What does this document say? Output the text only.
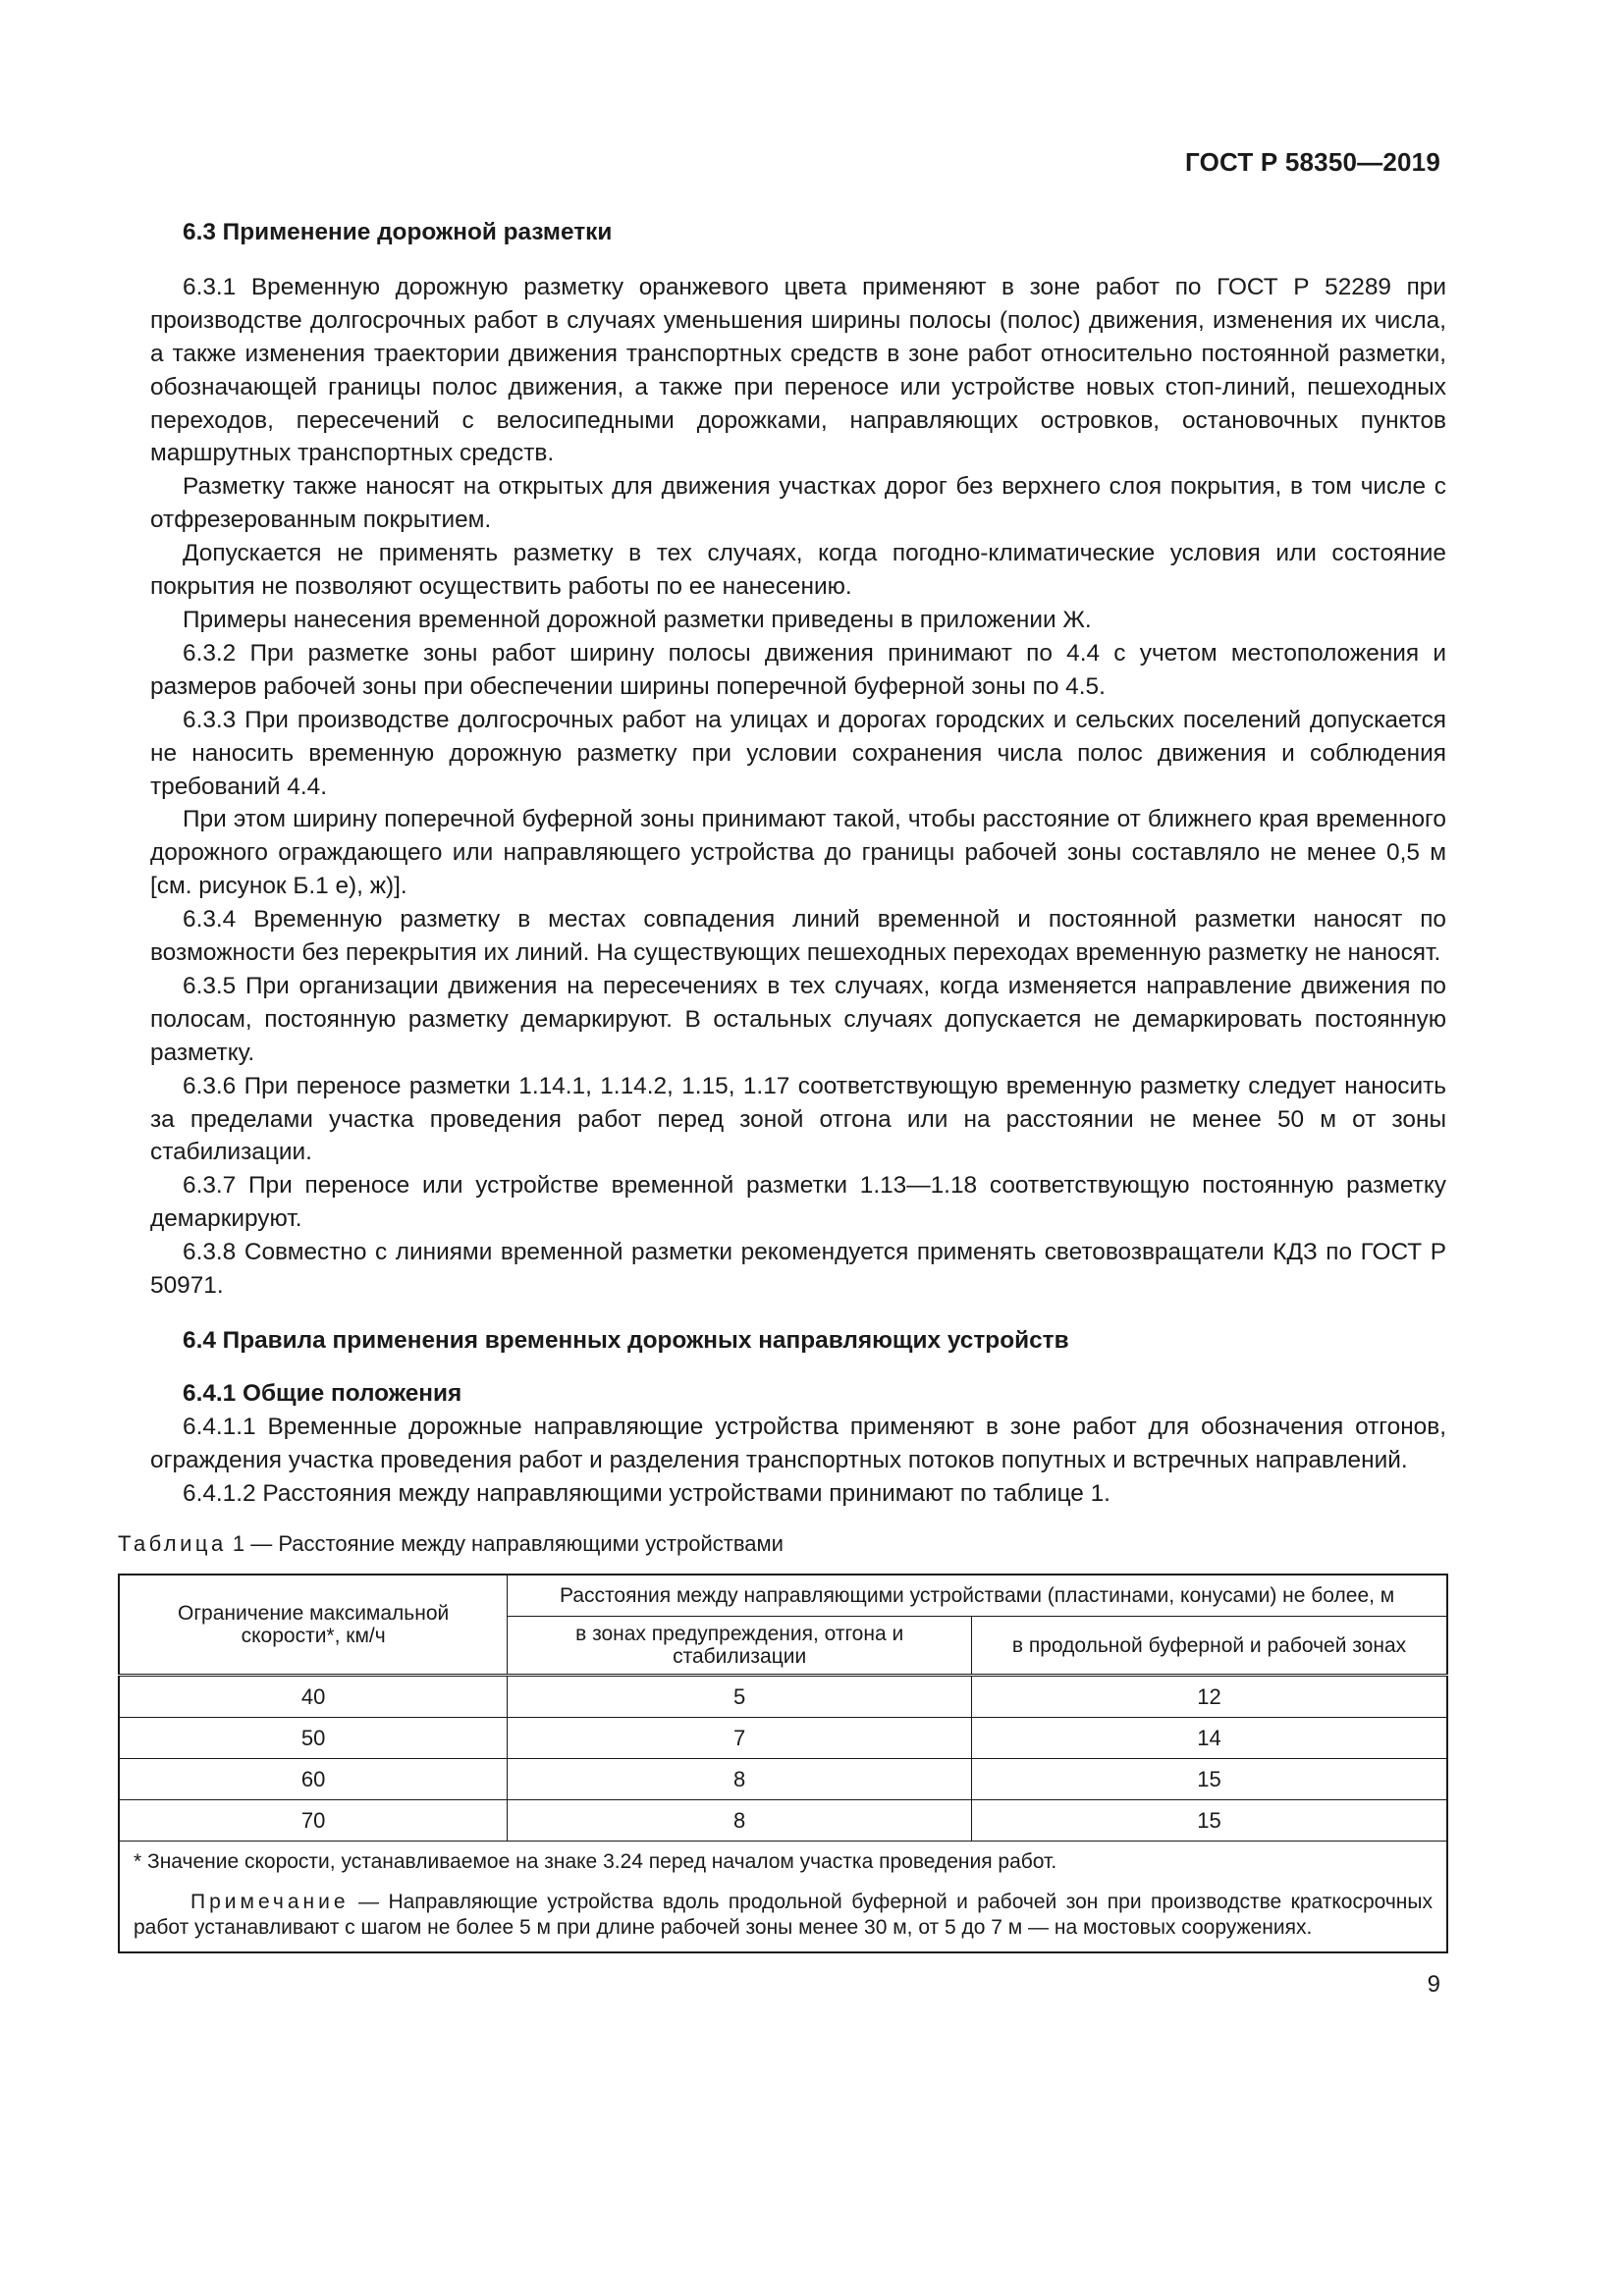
ГОСТ Р 58350—2019

6.3 Применение дорожной разметки

6.3.1 Временную дорожную разметку оранжевого цвета применяют в зоне работ по ГОСТ Р 52289 при производстве долгосрочных работ в случаях уменьшения ширины полосы (полос) движения, изменения их числа, а также изменения траектории движения транспортных средств в зоне работ относительно постоянной разметки, обозначающей границы полос движения, а также при переносе или устройстве новых стоп-линий, пешеходных переходов, пересечений с велосипедными дорожками, направляющих островков, остановочных пунктов маршрутных транспортных средств.

Разметку также наносят на открытых для движения участках дорог без верхнего слоя покрытия, в том числе с отфрезерованным покрытием.

Допускается не применять разметку в тех случаях, когда погодно-климатические условия или состояние покрытия не позволяют осуществить работы по ее нанесению.

Примеры нанесения временной дорожной разметки приведены в приложении Ж.

6.3.2 При разметке зоны работ ширину полосы движения принимают по 4.4 с учетом местоположения и размеров рабочей зоны при обеспечении ширины поперечной буферной зоны по 4.5.

6.3.3 При производстве долгосрочных работ на улицах и дорогах городских и сельских поселений допускается не наносить временную дорожную разметку при условии сохранения числа полос движения и соблюдения требований 4.4.

При этом ширину поперечной буферной зоны принимают такой, чтобы расстояние от ближнего края временного дорожного ограждающего или направляющего устройства до границы рабочей зоны составляло не менее 0,5 м [см. рисунок Б.1 е), ж)].

6.3.4 Временную разметку в местах совпадения линий временной и постоянной разметки наносят по возможности без перекрытия их линий. На существующих пешеходных переходах временную разметку не наносят.

6.3.5 При организации движения на пересечениях в тех случаях, когда изменяется направление движения по полосам, постоянную разметку демаркируют. В остальных случаях допускается не демаркировать постоянную разметку.

6.3.6 При переносе разметки 1.14.1, 1.14.2, 1.15, 1.17 соответствующую временную разметку следует наносить за пределами участка проведения работ перед зоной отгона или на расстоянии не менее 50 м от зоны стабилизации.

6.3.7 При переносе или устройстве временной разметки 1.13—1.18 соответствующую постоянную разметку демаркируют.

6.3.8 Совместно с линиями временной разметки рекомендуется применять световозвращатели КДЗ по ГОСТ Р 50971.

6.4 Правила применения временных дорожных направляющих устройств

6.4.1 Общие положения

6.4.1.1 Временные дорожные направляющие устройства применяют в зоне работ для обозначения отгонов, ограждения участка проведения работ и разделения транспортных потоков попутных и встречных направлений.

6.4.1.2 Расстояния между направляющими устройствами принимают по таблице 1.

Таблица 1 — Расстояние между направляющими устройствами
Ограничение максимальной скорости*, км/ч	Расстояния между направляющими устройствами (пластинами, конусами) не более, м	
	в зонах предупреждения, отгона и стабилизации	в продольной буферной и рабочей зонах
40	5	12
50	7	14
60	8	15
70	8	15

* Значение скорости, устанавливаемое на знаке 3.24 перед началом участка проведения работ.

Примечание — Направляющие устройства вдоль продольной буферной и рабочей зон при производстве краткосрочных работ устанавливают с шагом не более 5 м при длине рабочей зоны менее 30 м, от 5 до 7 м — на мостовых сооружениях.		

9
